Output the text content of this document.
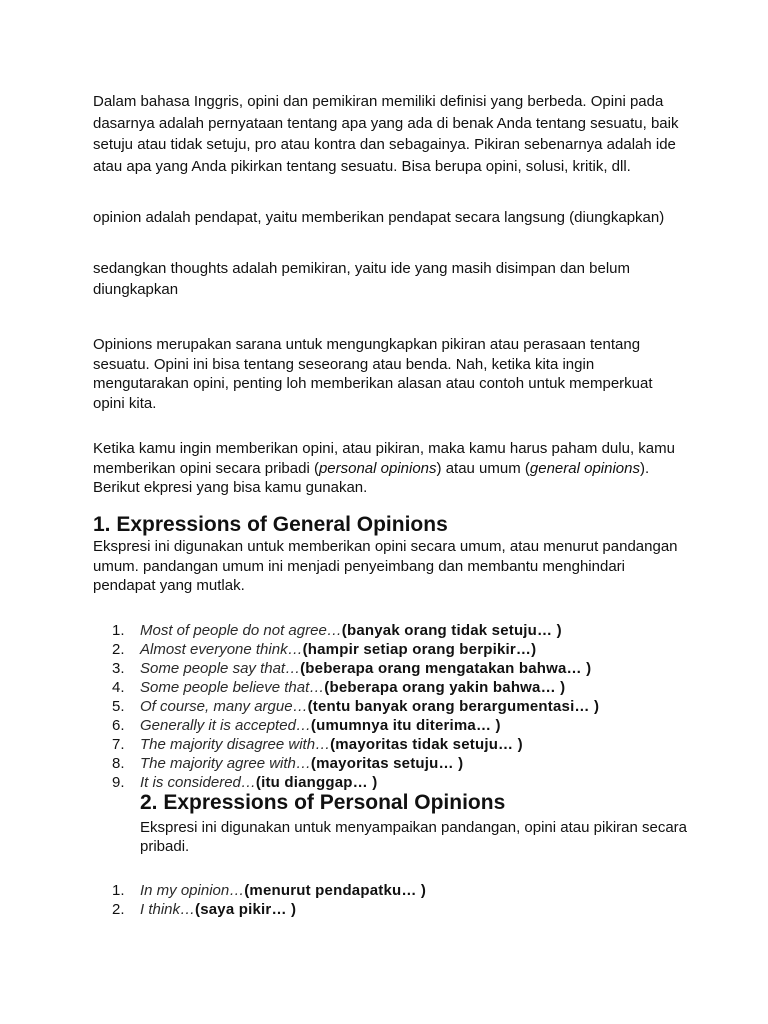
Dalam bahasa Inggris, opini dan pemikiran memiliki definisi yang berbeda. Opini pada dasarnya adalah pernyataan tentang apa yang ada di benak Anda tentang sesuatu, baik setuju atau tidak setuju, pro atau kontra dan sebagainya. Pikiran sebenarnya adalah ide atau apa yang Anda pikirkan tentang sesuatu. Bisa berupa opini, solusi, kritik, dll.

opinion adalah pendapat, yaitu memberikan pendapat secara langsung (diungkapkan)

sedangkan thoughts adalah pemikiran, yaitu ide yang masih disimpan dan belum diungkapkan

Opinions merupakan sarana untuk mengungkapkan pikiran atau perasaan tentang sesuatu. Opini ini bisa tentang seseorang atau benda. Nah, ketika kita ingin mengutarakan opini, penting loh memberikan alasan atau contoh untuk memperkuat opini kita.

Ketika kamu ingin memberikan opini, atau pikiran, maka kamu harus paham dulu, kamu memberikan opini secara pribadi (personal opinions) atau umum (general opinions). Berikut ekpresi yang bisa kamu gunakan.

1. Expressions of General Opinions

Ekspresi ini digunakan untuk memberikan opini secara umum, atau menurut pandangan umum. pandangan umum ini menjadi penyeimbang dan membantu menghindari pendapat yang mutlak.

1.	Most of people do not agree… (banyak orang tidak setuju… )
2.	Almost everyone think… (hampir setiap orang berpikir…)
3.	Some people say that… (beberapa orang mengatakan bahwa… )
4.	Some people believe that… (beberapa orang yakin bahwa… )
5.	Of course, many argue… (tentu banyak orang berargumentasi… )
6.	Generally it is accepted… (umumnya itu diterima… )
7.	The majority disagree with… (mayoritas tidak setuju… )
8.	The majority agree with… (mayoritas setuju… )
9.	It is considered… (itu dianggap… )
2. Expressions of Personal Opinions

Ekspresi ini digunakan untuk menyampaikan pandangan, opini atau pikiran secara pribadi.

1.	In my opinion… (menurut pendapatku… )
2.	I think… (saya pikir… )
